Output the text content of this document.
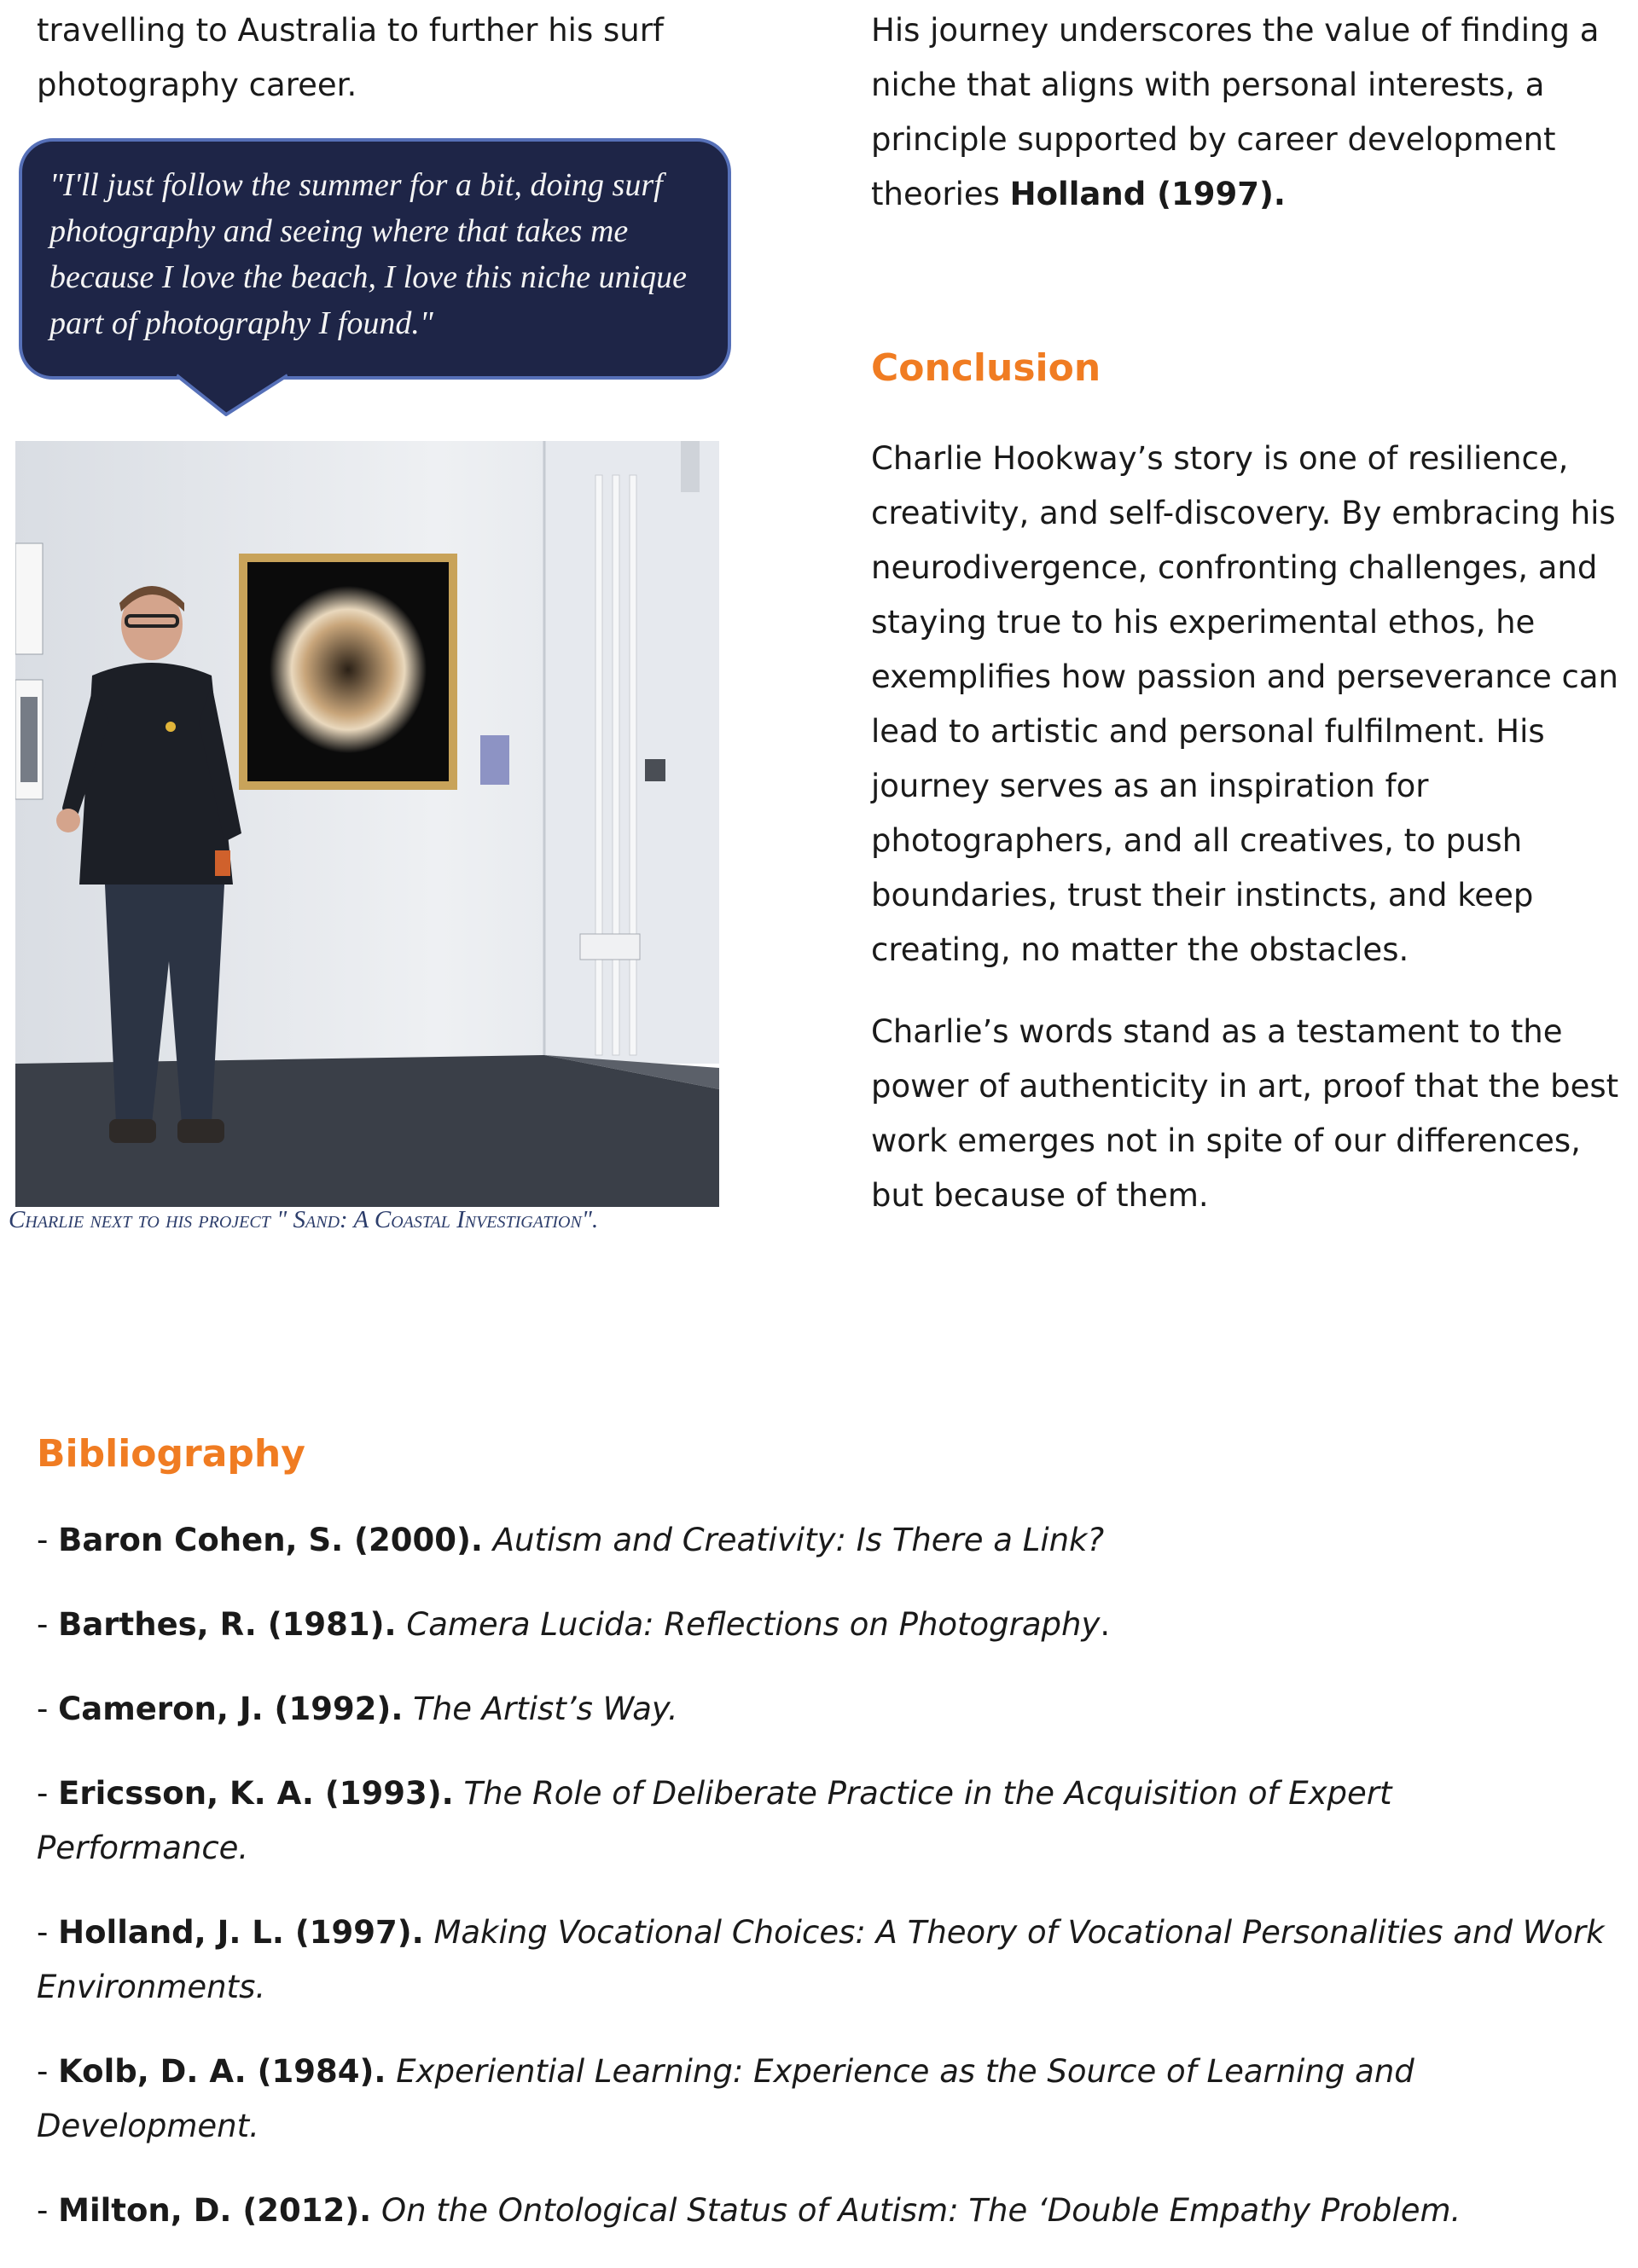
travelling to Australia to further his surf

photography career.

"I'll just follow the summer for a bit, doing surf photography and seeing where that takes me because I love the beach, I love this niche unique part of photography I found."

Charlie next to his project " Sand: A Coastal Investigation".

His journey underscores the value of finding a niche that aligns with personal interests, a principle supported by career development theories Holland (1997).

Conclusion

Charlie Hookway’s story is one of resilience, creativity, and self-discovery. By embracing his neurodivergence, confronting challenges, and staying true to his experimental ethos, he exemplifies how passion and perseverance can lead to artistic and personal fulfilment. His journey serves as an inspiration for photographers, and all creatives, to push boundaries, trust their instincts, and keep creating, no matter the obstacles.

Charlie’s words stand as a testament to the power of authenticity in art, proof that the best work emerges not in spite of our differences, but because of them.

Bibliography
- Baron Cohen, S. (2000). Autism and Creativity: Is There a Link?
- Barthes, R. (1981). Camera Lucida: Reflections on Photography.
- Cameron, J. (1992). The Artist’s Way.
- Ericsson, K. A. (1993). The Role of Deliberate Practice in the Acquisition of Expert Performance.
- Holland, J. L. (1997). Making Vocational Choices: A Theory of Vocational Personalities and Work Environments.
- Kolb, D. A. (1984). Experiential Learning: Experience as the Source of Learning and Development.
- Milton, D. (2012). On the Ontological Status of Autism: The ‘Double Empathy Problem.
